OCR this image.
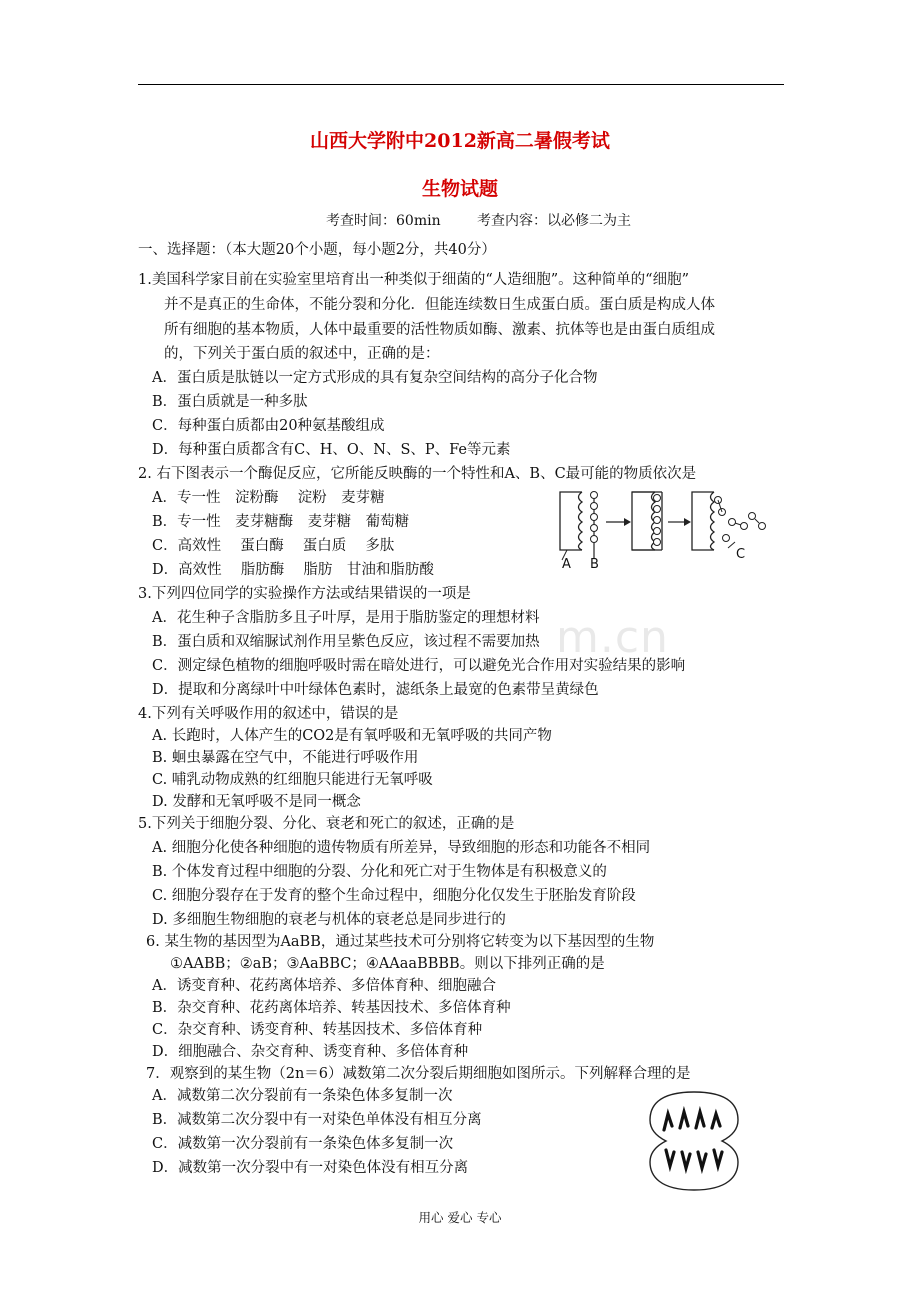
m.cn
山西大学附中2012新高二暑假考试
生物试题
考查时间：60min	考查内容：以必修二为主
一、选择题：（本大题20个小题，每小题2分，共40分）
1.美国科学家目前在实验室里培育出一种类似于细菌的“人造细胞”。这种简单的“细胞”
并不是真正的生命体，不能分裂和分化．但能连续数日生成蛋白质。蛋白质是构成人体
所有细胞的基本物质，人体中最重要的活性物质如酶、激素、抗体等也是由蛋白质组成
的，下列关于蛋白质的叙述中，正确的是：
A．蛋白质是肽链以一定方式形成的具有复杂空间结构的高分子化合物
B．蛋白质就是一种多肽
C．每种蛋白质都由20种氨基酸组成
D．每种蛋白质都含有C、H、O、N、S、P、Fe等元素
2. 右下图表示一个酶促反应，它所能反映酶的一个特性和A、B、C最可能的物质依次是
A．专一性　淀粉酶　 淀粉　麦芽糖
B．专一性　麦芽糖酶　麦芽糖　葡萄糖
C．高效性　 蛋白酶　 蛋白质　 多肽
D．高效性　 脂肪酶　 脂肪　甘油和脂肪酸	A B
C
3.下列四位同学的实验操作方法或结果错误的一项是
A．花生种子含脂肪多且子叶厚，是用于脂肪鉴定的理想材料
B．蛋白质和双缩脲试剂作用呈紫色反应，该过程不需要加热
C．测定绿色植物的细胞呼吸时需在暗处进行，可以避免光合作用对实验结果的影响
D．提取和分离绿叶中叶绿体色素时，滤纸条上最宽的色素带呈黄绿色
4.下列有关呼吸作用的叙述中，错误的是
A. 长跑时，人体产生的CO2是有氧呼吸和无氧呼吸的共同产物
B. 蛔虫暴露在空气中，不能进行呼吸作用
C. 哺乳动物成熟的红细胞只能进行无氧呼吸
D. 发酵和无氧呼吸不是同一概念
5.下列关于细胞分裂、分化、衰老和死亡的叙述，正确的是
A. 细胞分化使各种细胞的遗传物质有所差异，导致细胞的形态和功能各不相同
B. 个体发育过程中细胞的分裂、分化和死亡对于生物体是有积极意义的
C. 细胞分裂存在于发育的整个生命过程中，细胞分化仅发生于胚胎发育阶段
D. 多细胞生物细胞的衰老与机体的衰老总是同步进行的
6. 某生物的基因型为AaBB，通过某些技术可分别将它转变为以下基因型的生物
①AABB；②aB；③AaBBC；④AAaaBBBB。则以下排列正确的是
A．诱变育种、花药离体培养、多倍体育种、细胞融合
B．杂交育种、花药离体培养、转基因技术、多倍体育种
C．杂交育种、诱变育种、转基因技术、多倍体育种
D．细胞融合、杂交育种、诱变育种、多倍体育种
7．观察到的某生物（2n＝6）减数第二次分裂后期细胞如图所示。下列解释合理的是
A．减数第二次分裂前有一条染色体多复制一次
B．减数第二次分裂中有一对染色单体没有相互分离
C．减数第一次分裂前有一条染色体多复制一次
D．减数第一次分裂中有一对染色体没有相互分离
用心 爱心 专心
